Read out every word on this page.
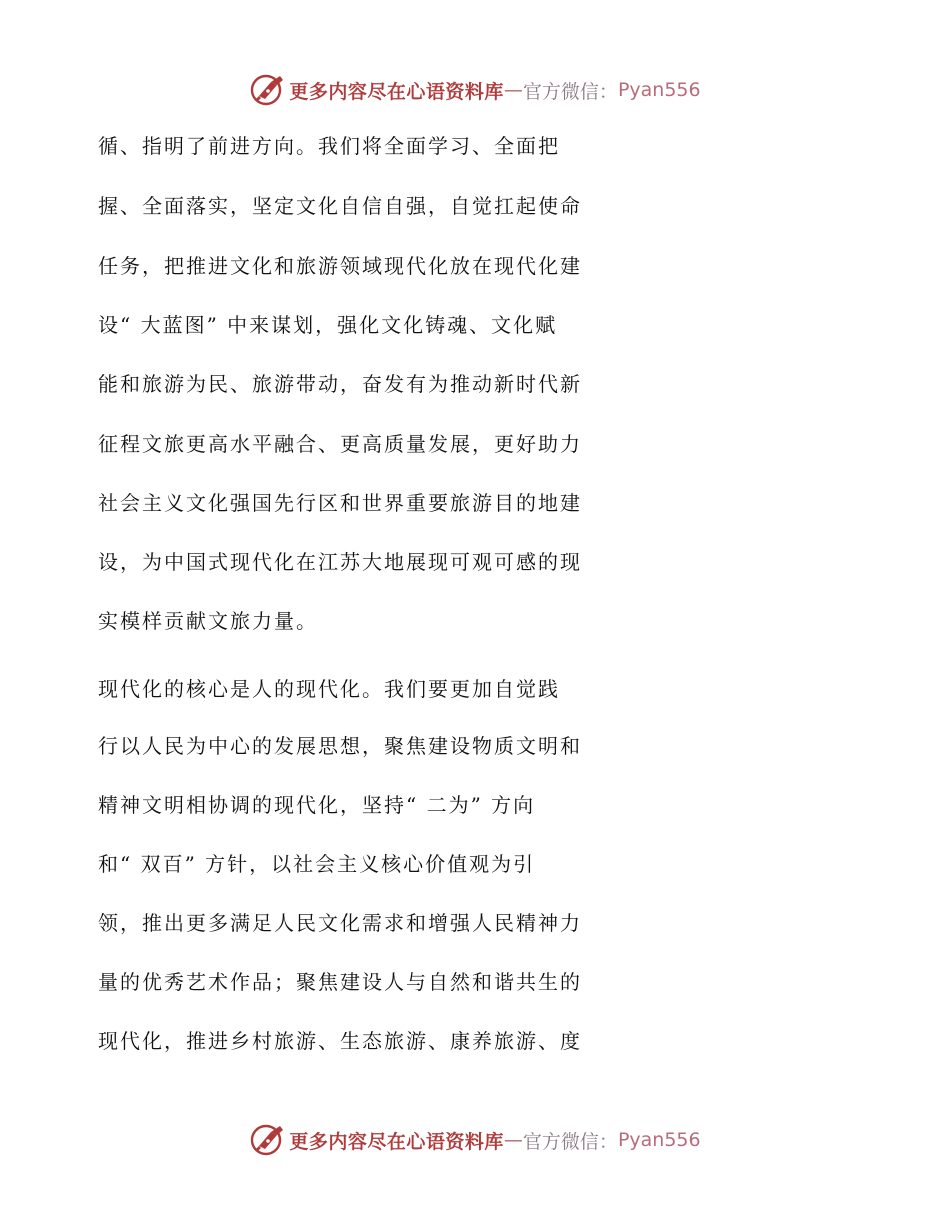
更多内容尽在心语资料库 — 官方微信： Pyan556
循、指明了前进方向。我们将全面学习、全面把
握、全面落实，坚定文化自信自强，自觉扛起使命
任务，把推进文化和旅游领域现代化放在现代化建
设“ 大蓝图” 中来谋划，强化文化铸魂、文化赋
能和旅游为民、旅游带动，奋发有为推动新时代新
征程文旅更高水平融合、更高质量发展，更好助力
社会主义文化强国先行区和世界重要旅游目的地建
设，为中国式现代化在江苏大地展现可观可感的现
实模样贡献文旅力量。
现代化的核心是人的现代化。我们要更加自觉践
行以人民为中心的发展思想，聚焦建设物质文明和
精神文明相协调的现代化，坚持“ 二为” 方向
和“ 双百” 方针，以社会主义核心价值观为引
领，推出更多满足人民文化需求和增强人民精神力
量的优秀艺术作品；聚焦建设人与自然和谐共生的
现代化，推进乡村旅游、生态旅游、康养旅游、度
更多内容尽在心语资料库 — 官方微信： Pyan556
